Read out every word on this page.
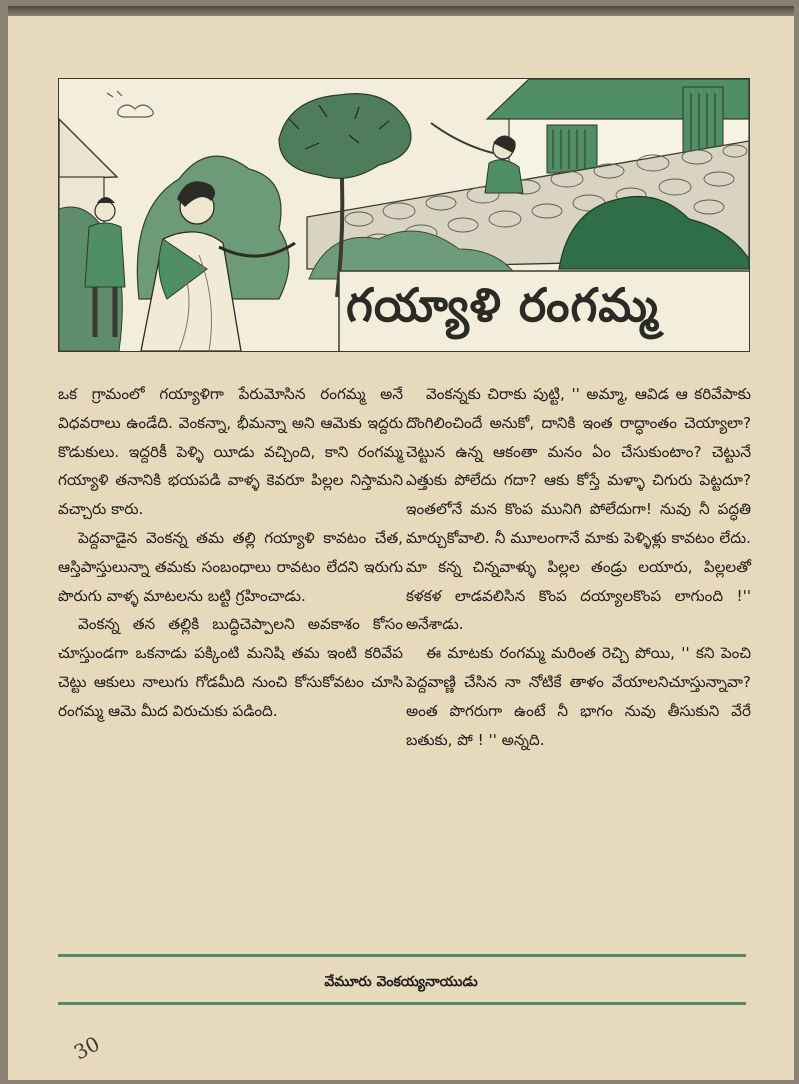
గయ్యాళి రంగమ్మ

ఒక గ్రామంలో గయ్యాళిగా పేరుమోసిన రంగమ్మ అనే విధవరాలు ఉండేది. వెంకన్నా, భీమన్నా అని ఆమెకు ఇద్దరు కొడుకులు. ఇద్దరికీ పెళ్ళి యీడు వచ్చింది, కాని రంగమ్మ గయ్యాళి తనానికి భయపడి వాళ్ళ కెవరూ పిల్లల నిస్తామని వచ్చారు కారు.

పెద్దవాడైన వెంకన్న తమ తల్లి గయ్యాళి కావటం చేత, ఆస్తిపాస్తులున్నా తమకు సంబంధాలు రావటం లేదని ఇరుగు పొరుగు వాళ్ళ మాటలను బట్టి గ్రహించాడు.

వెంకన్న తన తల్లికి బుద్ధిచెప్పాలని అవకాశం కోసం చూస్తుండగా ఒకనాడు పక్కింటి మనిషి తమ ఇంటి కరివేప చెట్టు ఆకులు నాలుగు గోడమీది నుంచి కోసుకోవటం చూసి రంగమ్మ ఆమె మీద విరుచుకు పడింది.

వెంకన్నకు చిరాకు పుట్టి, '' అమ్మా, ఆవిడ ఆ కరివేపాకు దొంగిలించిందే అనుకో, దానికి ఇంత రాద్ధాంతం చెయ్యాలా? చెట్టున ఉన్న ఆకంతా మనం ఏం చేసుకుంటాం? చెట్టునే ఎత్తుకు పోలేదు గదా? ఆకు కోస్తే మళ్ళా చిగురు పెట్టదూ? ఇంతలోనే మన కొంప మునిగి పోలేదుగా! నువు నీ పద్ధతి మార్చుకోవాలి. నీ మూలంగానే మాకు పెళ్ళిళ్లు కావటం లేదు. మా కన్న చిన్నవాళ్ళు పిల్లల తండ్రు లయారు, పిల్లలతో కళకళ లాడవలిసిన కొంప దయ్యాలకొంప లాగుంది !'' అనేశాడు.

ఈ మాటకు రంగమ్మ మరింత రెచ్చి పోయి, '' కని పెంచి పెద్దవాణ్ణి చేసిన నా నోటికే తాళం వేయాలనిచూస్తున్నావా? అంత పొగరుగా ఉంటే నీ భాగం నువు తీసుకుని వేరే బతుకు, పో ! '' అన్నది.

వేమూరు వెంకయ్యనాయుడు
30
